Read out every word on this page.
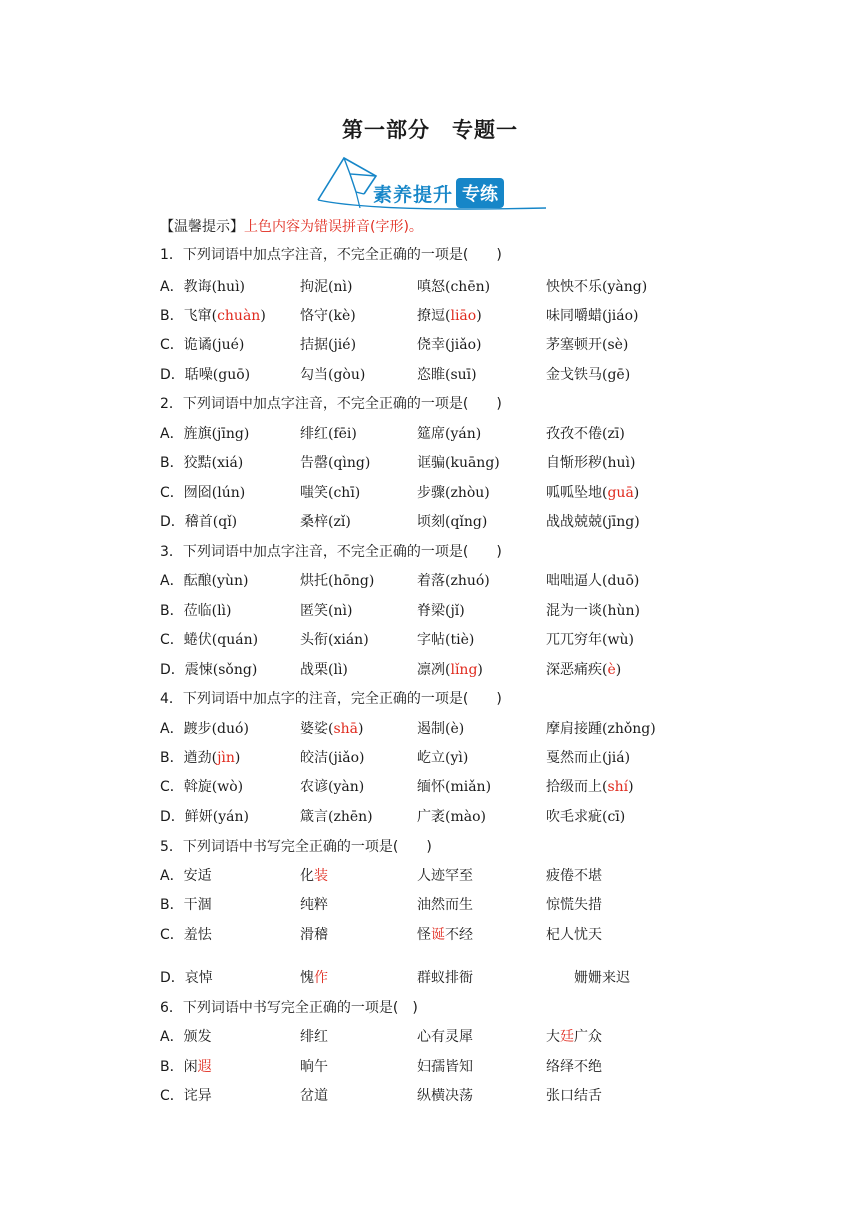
第一部分　专题一
素养提升 专练
【温馨提示】上色内容为错误拼音(字形)。
1．下列词语中加点字注音，不完全正确的一项是(　　)
A．教诲(huì)	拘泥(nì)	嗔怒(chēn)	怏怏不乐(yàng)
B．飞窜(chuàn) 恪守(kè)	撩逗(liāo)	味同嚼蜡(jiáo)
C．诡谲(jué)	拮据(jié)	侥幸(jiǎo)	茅塞顿开(sè)
D．聒噪(guō)	勾当(gòu)	恣睢(suī)	金戈铁马(gē)
2．下列词语中加点字注音，不完全正确的一项是(　　)
A．旌旗(jīng)	绯红(fēi)	筵席(yán)	孜孜不倦(zī)
B．狡黠(xiá)	告罄(qìng)	诓骗(kuāng)	自惭形秽(huì)
C．囫囵(lún)	嗤笑(chī)	步骤(zhòu)	呱呱坠地(guā)
D．稽首(qǐ)	桑梓(zǐ)	顷刻(qǐng)	战战兢兢(jīng)
3．下列词语中加点字注音，不完全正确的一项是(　　)
A．酝酿(yùn)	烘托(hōng)	着落(zhuó)	咄咄逼人(duō)
B．莅临(lì)	匿笑(nì)	脊梁(jǐ)	混为一谈(hùn)
C．蜷伏(quán)	头衔(xián)	字帖(tiè)	兀兀穷年(wù)
D．震悚(sǒng)	战栗(lì)	凛冽(lǐng)	深恶痛疾(è)
4．下列词语中加点字的注音，完全正确的一项是(　　)
A．踱步(duó)	婆娑(shā)	遏制(è)	摩肩接踵(zhǒng)
B．遒劲(jìn)	皎洁(jiǎo)	屹立(yì)	戛然而止(jiá)
C．斡旋(wò)	农谚(yàn)	缅怀(miǎn)	拾级而上(shí)
D．鲜妍(yán)	箴言(zhēn)	广袤(mào)	吹毛求疵(cī)
5．下列词语中书写完全正确的一项是(　　)
A．安适	化装	人迹罕至	疲倦不堪
B．干涸	纯粹	油然而生	惊慌失措
C．羞怯	滑稽	怪诞不经	杞人忧天
D．哀悼	愧作	群蚁排衙	姗姗来迟
6．下列词语中书写完全正确的一项是(　)
A．颁发	绯红	心有灵犀	大廷广众
B．闲遐	晌午	妇孺皆知	络绎不绝
C．诧异	岔道	纵横决荡	张口结舌
